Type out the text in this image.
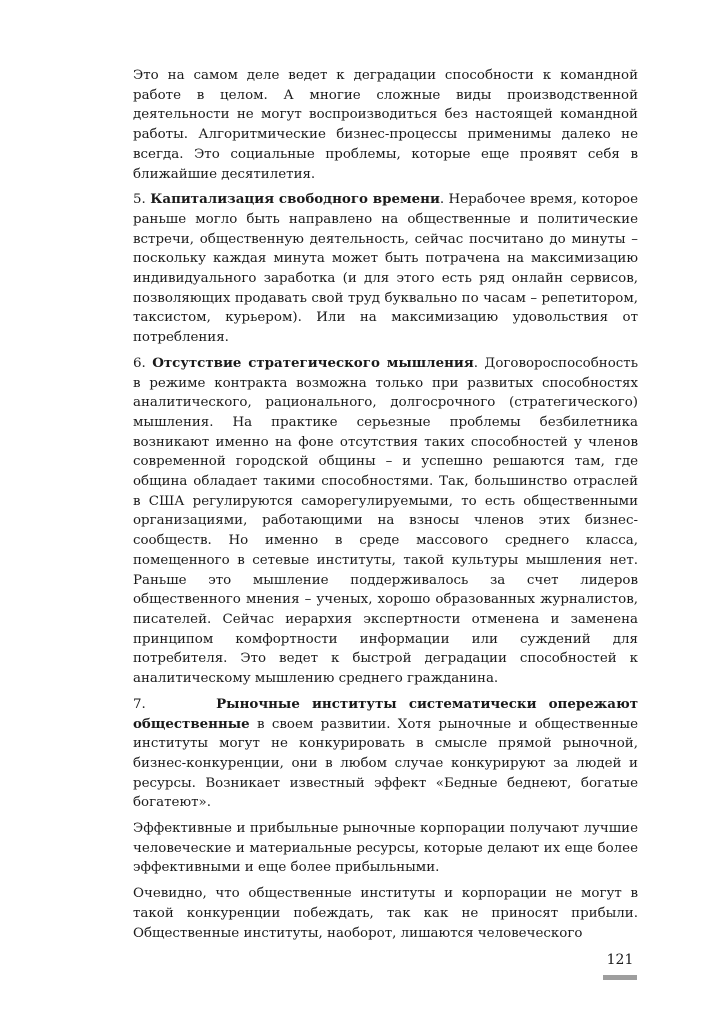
Это на самом деле ведет к деградации способности к командной работе в целом. А многие сложные виды производственной деятельности не могут воспроизводиться без настоящей командной работы. Алгоритмические бизнес-процессы применимы далеко не всегда. Это социальные проблемы, которые еще проявят себя в ближайшие десятилетия.

5. Капитализация свободного времени. Нерабочее время, которое раньше могло быть направлено на общественные и политические встречи, общественную деятельность, сейчас посчитано до минуты – поскольку каждая минута может быть потрачена на максимизацию индивидуального заработка (и для этого есть ряд онлайн сервисов, позволяющих продавать свой труд буквально по часам – репетитором, таксистом, курьером). Или на максимизацию удовольствия от потребления.

6. Отсутствие стратегического мышления. Договороспособность в режиме контракта возможна только при развитых способностях аналитического, рационального, долгосрочного (стратегического) мышления. На практике серьезные проблемы безбилетника возникают именно на фоне отсутствия таких способностей у членов современной городской общины – и успешно решаются там, где община обладает такими способностями. Так, большинство отраслей в США регулируются саморегулируемыми, то есть общественными организациями, работающими на взносы членов этих бизнес-сообществ. Но именно в среде массового среднего класса, помещенного в сетевые институты, такой культуры мышления нет. Раньше это мышление поддерживалось за счет лидеров общественного мнения – ученых, хорошо образованных журналистов, писателей. Сейчас иерархия экспертности отменена и заменена принципом комфортности информации или суждений для потребителя. Это ведет к быстрой деградации способностей к аналитическому мышлению среднего гражданина.

7.	Рыночные институты систематически опережают общественные в своем развитии. Хотя рыночные и общественные институты могут не конкурировать в смысле прямой рыночной, бизнес-конкуренции, они в любом случае конкурируют за людей и ресурсы. Возникает известный эффект «Бедные беднеют, богатые богатеют».

Эффективные и прибыльные рыночные корпорации получают лучшие человеческие и материальные ресурсы, которые делают их еще более эффективными и еще более прибыльными.

Очевидно, что общественные институты и корпорации не могут в такой конкуренции побеждать, так как не приносят прибыли. Общественные институты, наоборот, лишаются человеческого

121
